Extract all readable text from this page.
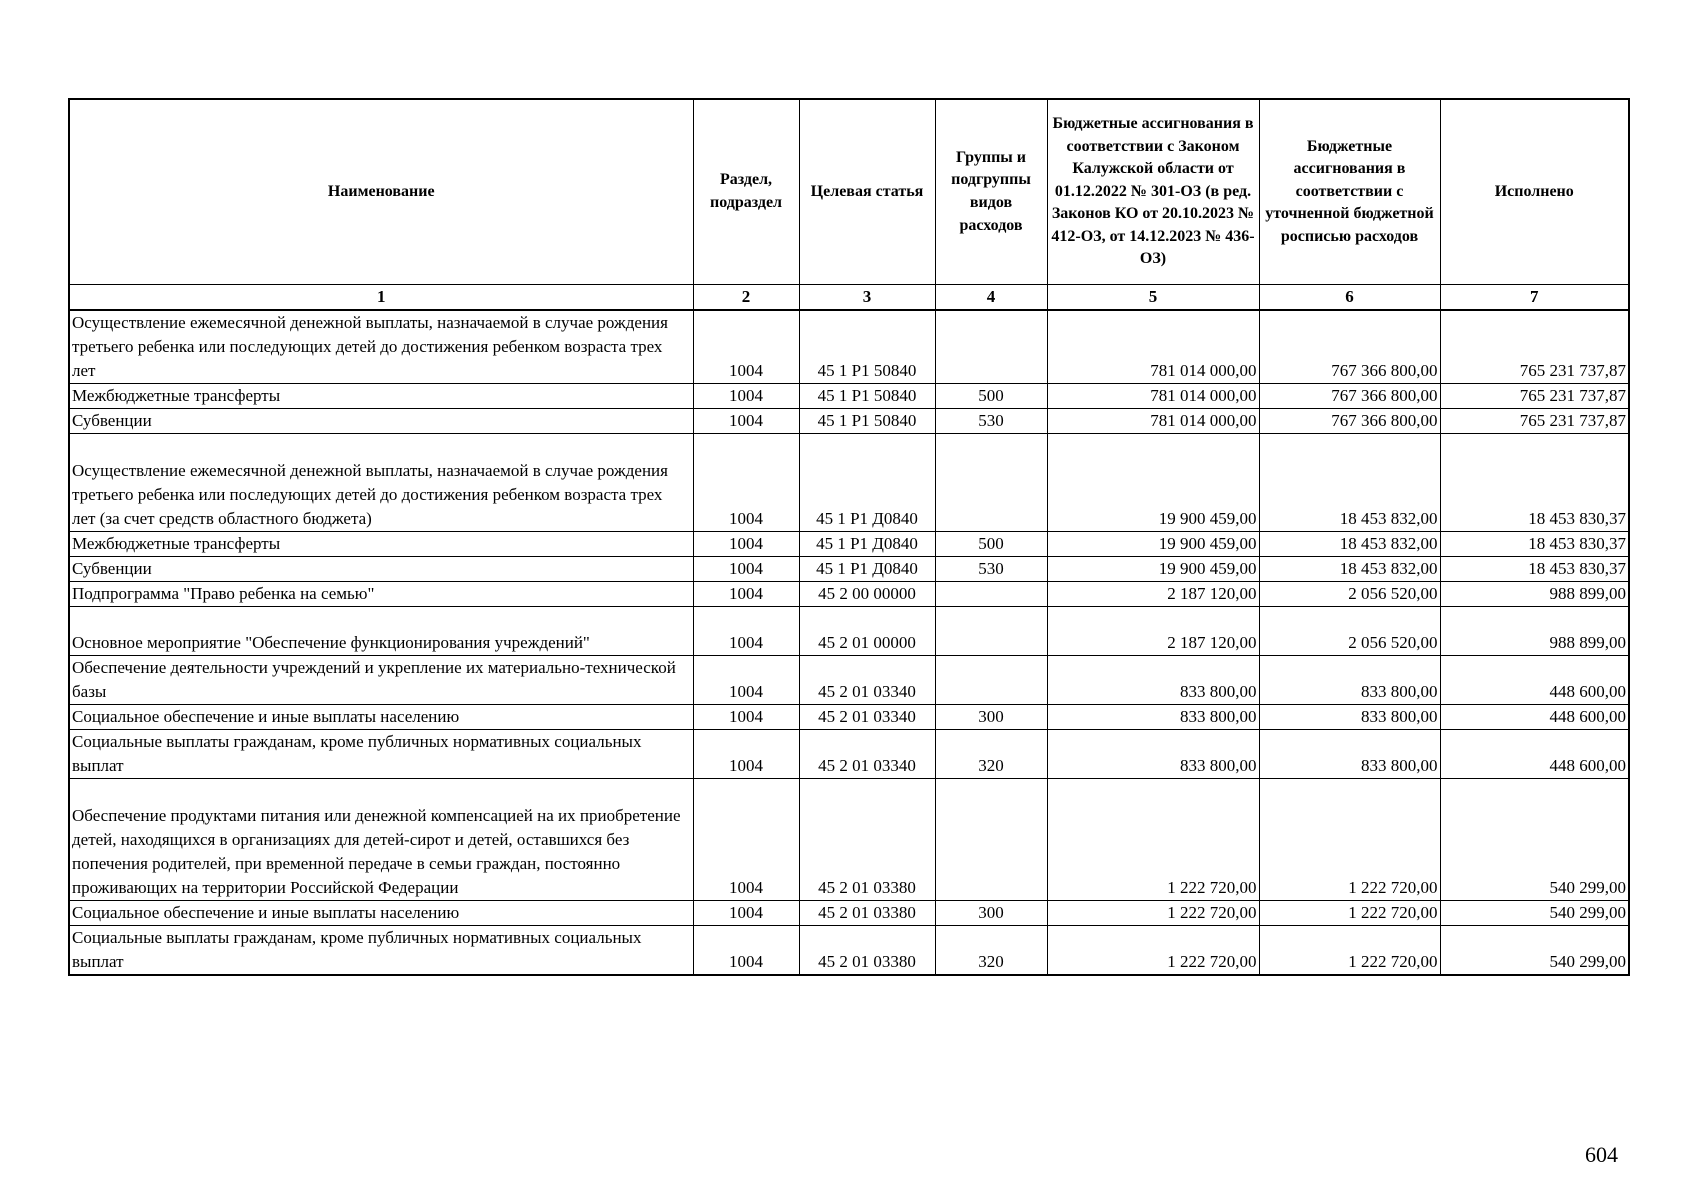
Наименование	Раздел, подраздел	Целевая статья	Группы и подгруппы видов расходов	Бюджетные ассигнования в соответствии с Законом Калужской области от 01.12.2022 № 301-ОЗ (в ред. Законов КО от 20.10.2023 № 412-ОЗ, от 14.12.2023 № 436-ОЗ)	Бюджетные ассигнования в соответствии с уточненной бюджетной росписью расходов	Исполнено
1	2	3	4	5	6	7
Осуществление ежемесячной денежной выплаты, назначаемой в случае рождения третьего ребенка или последующих детей до достижения ребенком возраста трех лет	1004	45 1 P1 50840		781 014 000,00	767 366 800,00	765 231 737,87
Межбюджетные трансферты	1004	45 1 P1 50840	500	781 014 000,00	767 366 800,00	765 231 737,87
Субвенции	1004	45 1 P1 50840	530	781 014 000,00	767 366 800,00	765 231 737,87
Осуществление ежемесячной денежной выплаты, назначаемой в случае рождения третьего ребенка или последующих детей до достижения ребенком возраста трех лет (за счет средств областного бюджета)	1004	45 1 P1 Д0840		19 900 459,00	18 453 832,00	18 453 830,37
Межбюджетные трансферты	1004	45 1 P1 Д0840	500	19 900 459,00	18 453 832,00	18 453 830,37
Субвенции	1004	45 1 P1 Д0840	530	19 900 459,00	18 453 832,00	18 453 830,37
Подпрограмма "Право ребенка на семью"	1004	45 2 00 00000		2 187 120,00	2 056 520,00	988 899,00
Основное мероприятие "Обеспечение функционирования учреждений"	1004	45 2 01 00000		2 187 120,00	2 056 520,00	988 899,00
Обеспечение деятельности учреждений и укрепление их материально-технической базы	1004	45 2 01 03340		833 800,00	833 800,00	448 600,00
Социальное обеспечение и иные выплаты населению	1004	45 2 01 03340	300	833 800,00	833 800,00	448 600,00
Социальные выплаты гражданам, кроме публичных нормативных социальных выплат	1004	45 2 01 03340	320	833 800,00	833 800,00	448 600,00
Обеспечение продуктами питания или денежной компенсацией на их приобретение детей, находящихся в организациях для детей-сирот и детей, оставшихся без попечения родителей, при временной передаче в семьи граждан, постоянно проживающих на территории Российской Федерации	1004	45 2 01 03380		1 222 720,00	1 222 720,00	540 299,00
Социальное обеспечение и иные выплаты населению	1004	45 2 01 03380	300	1 222 720,00	1 222 720,00	540 299,00
Социальные выплаты гражданам, кроме публичных нормативных социальных выплат	1004	45 2 01 03380	320	1 222 720,00	1 222 720,00	540 299,00
604
